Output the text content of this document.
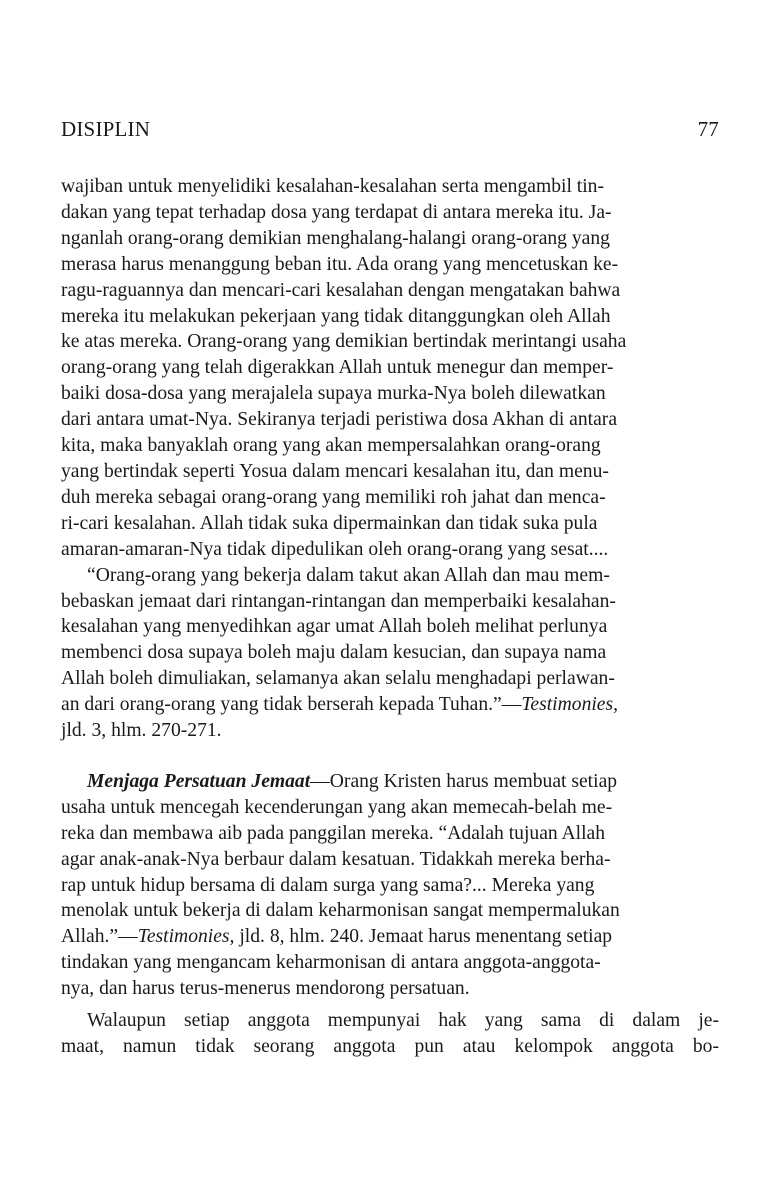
DISIPLIN	77

wajiban untuk menyelidiki kesalahan-kesalahan serta mengambil tin-
dakan yang tepat terhadap dosa yang terdapat di antara mereka itu. Ja-
nganlah orang-orang demikian menghalang-halangi orang-orang yang
merasa harus menanggung beban itu. Ada orang yang mencetuskan ke-
ragu-raguannya dan mencari-cari kesalahan dengan mengatakan bahwa
mereka itu melakukan pekerjaan yang tidak ditanggungkan oleh Allah
ke atas mereka. Orang-orang yang demikian bertindak merintangi usaha
orang-orang yang telah digerakkan Allah untuk menegur dan memper-
baiki dosa-dosa yang merajalela supaya murka-Nya boleh dilewatkan
dari antara umat-Nya. Sekiranya terjadi peristiwa dosa Akhan di antara
kita, maka banyaklah orang yang akan mempersalahkan orang-orang
yang bertindak seperti Yosua dalam mencari kesalahan itu, dan menu-
duh mereka sebagai orang-orang yang memiliki roh jahat dan menca-
ri-cari kesalahan. Allah tidak suka dipermainkan dan tidak suka pula
amaran-amaran-Nya tidak dipedulikan oleh orang-orang yang sesat....

“Orang-orang yang bekerja dalam takut akan Allah dan mau mem-
bebaskan jemaat dari rintangan-rintangan dan memperbaiki kesalahan-
kesalahan yang menyedihkan agar umat Allah boleh melihat perlunya
membenci dosa supaya boleh maju dalam kesucian, dan supaya nama
Allah boleh dimuliakan, selamanya akan selalu menghadapi perlawan-
an dari orang-orang yang tidak berserah kepada Tuhan.”—Testimonies,
jld. 3, hlm. 270-271.

Menjaga Persatuan Jemaat—Orang Kristen harus membuat setiap
usaha untuk mencegah kecenderungan yang akan memecah-belah me-
reka dan membawa aib pada panggilan mereka. “Adalah tujuan Allah
agar anak-anak-Nya berbaur dalam kesatuan. Tidakkah mereka berha-
rap untuk hidup bersama di dalam surga yang sama?... Mereka yang
menolak untuk bekerja di dalam keharmonisan sangat mempermalukan
Allah.”—Testimonies, jld. 8, hlm. 240. Jemaat harus menentang setiap
tindakan yang mengancam keharmonisan di antara anggota-anggota-
nya, dan harus terus-menerus mendorong persatuan.

Walaupun setiap anggota mempunyai hak yang sama di dalam je-
maat, namun tidak seorang anggota pun atau kelompok anggota bo-
